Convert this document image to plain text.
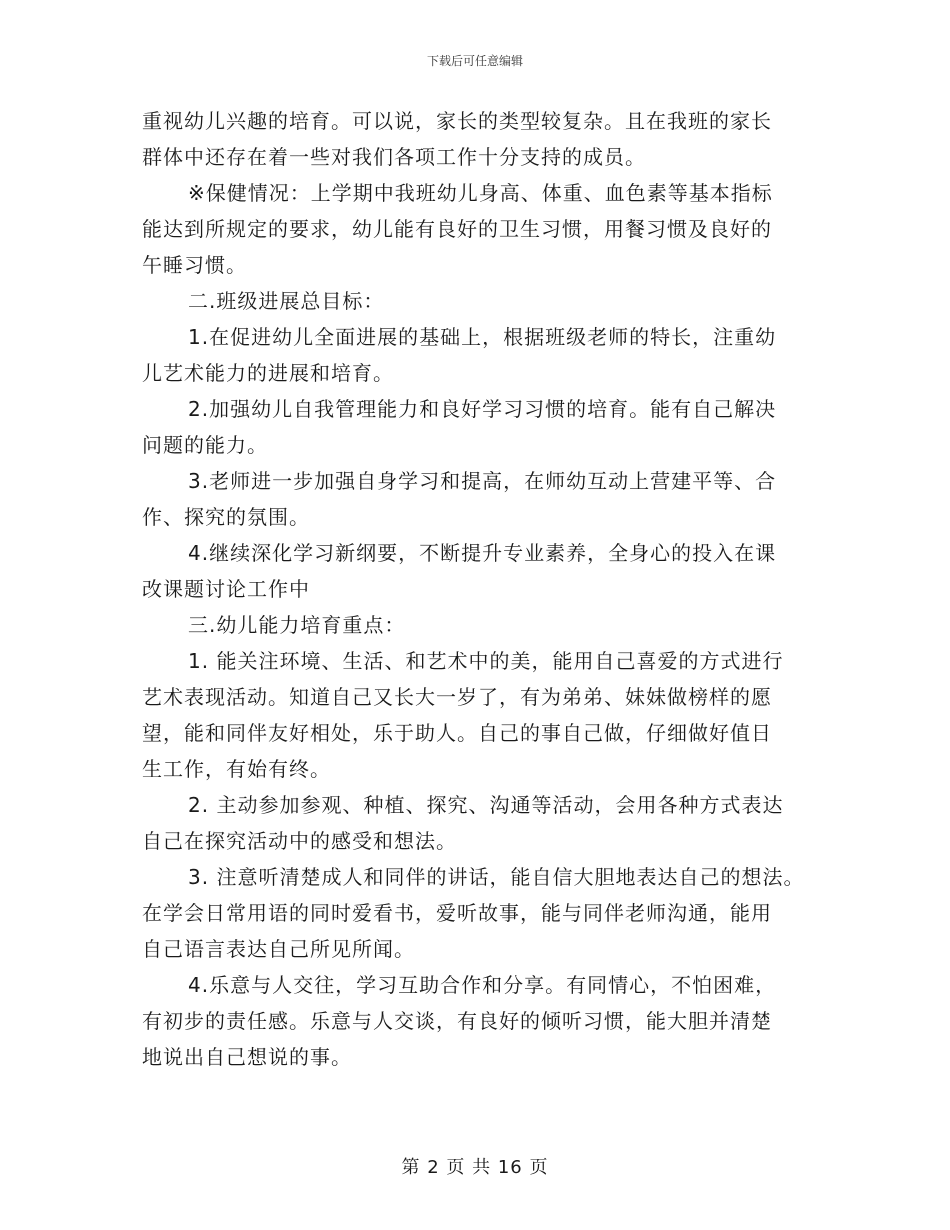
下载后可任意编辑
重视幼儿兴趣的培育。可以说，家长的类型较复杂。且在我班的家长
群体中还存在着一些对我们各项工作十分支持的成员。
※保健情况：上学期中我班幼儿身高、体重、血色素等基本指标
能达到所规定的要求，幼儿能有良好的卫生习惯，用餐习惯及良好的
午睡习惯。
二.班级进展总目标：
1.在促进幼儿全面进展的基础上，根据班级老师的特长，注重幼
儿艺术能力的进展和培育。
2.加强幼儿自我管理能力和良好学习习惯的培育。能有自己解决
问题的能力。
3.老师进一步加强自身学习和提高，在师幼互动上营建平等、合
作、探究的氛围。
4.继续深化学习新纲要，不断提升专业素养，全身心的投入在课
改课题讨论工作中
三.幼儿能力培育重点：
1. 能关注环境、生活、和艺术中的美，能用自己喜爱的方式进行
艺术表现活动。知道自己又长大一岁了，有为弟弟、妹妹做榜样的愿
望，能和同伴友好相处，乐于助人。自己的事自己做，仔细做好值日
生工作，有始有终。
2. 主动参加参观、种植、探究、沟通等活动，会用各种方式表达
自己在探究活动中的感受和想法。
3. 注意听清楚成人和同伴的讲话，能自信大胆地表达自己的想法。
在学会日常用语的同时爱看书，爱听故事，能与同伴老师沟通，能用
自己语言表达自己所见所闻。
4.乐意与人交往，学习互助合作和分享。有同情心，不怕困难，
有初步的责任感。乐意与人交谈，有良好的倾听习惯，能大胆并清楚
地说出自己想说的事。
第 2 页 共 16 页
